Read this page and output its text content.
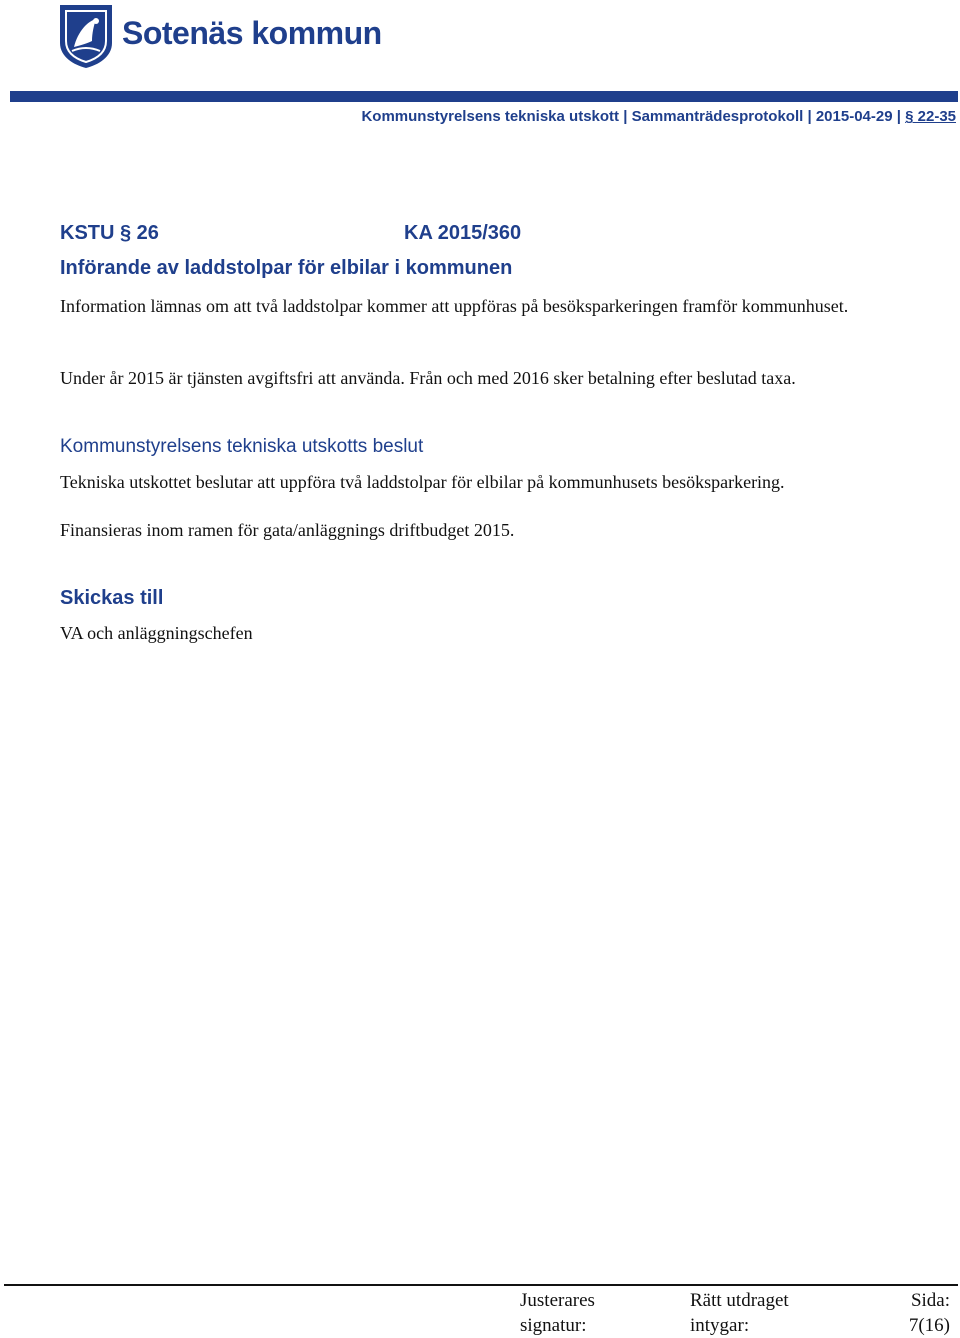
Sotenäs kommun
Kommunstyrelsens tekniska utskott | Sammanträdesprotokoll | 2015-04-29 | § 22-35
KSTU § 26	KA 2015/360
Införande av laddstolpar för elbilar i kommunen
Information lämnas om att två laddstolpar kommer att uppföras på besöksparkeringen framför kommunhuset.
Under år 2015 är tjänsten avgiftsfri att använda. Från och med 2016 sker betalning efter beslutad taxa.
Kommunstyrelsens tekniska utskotts beslut
Tekniska utskottet beslutar att uppföra två laddstolpar för elbilar på kommunhusets besöksparkering.
Finansieras inom ramen för gata/anläggnings driftbudget 2015.
Skickas till
VA och anläggningschefen
Justerares
signatur:
Rätt utdraget
intygar:
Sida:
7(16)
